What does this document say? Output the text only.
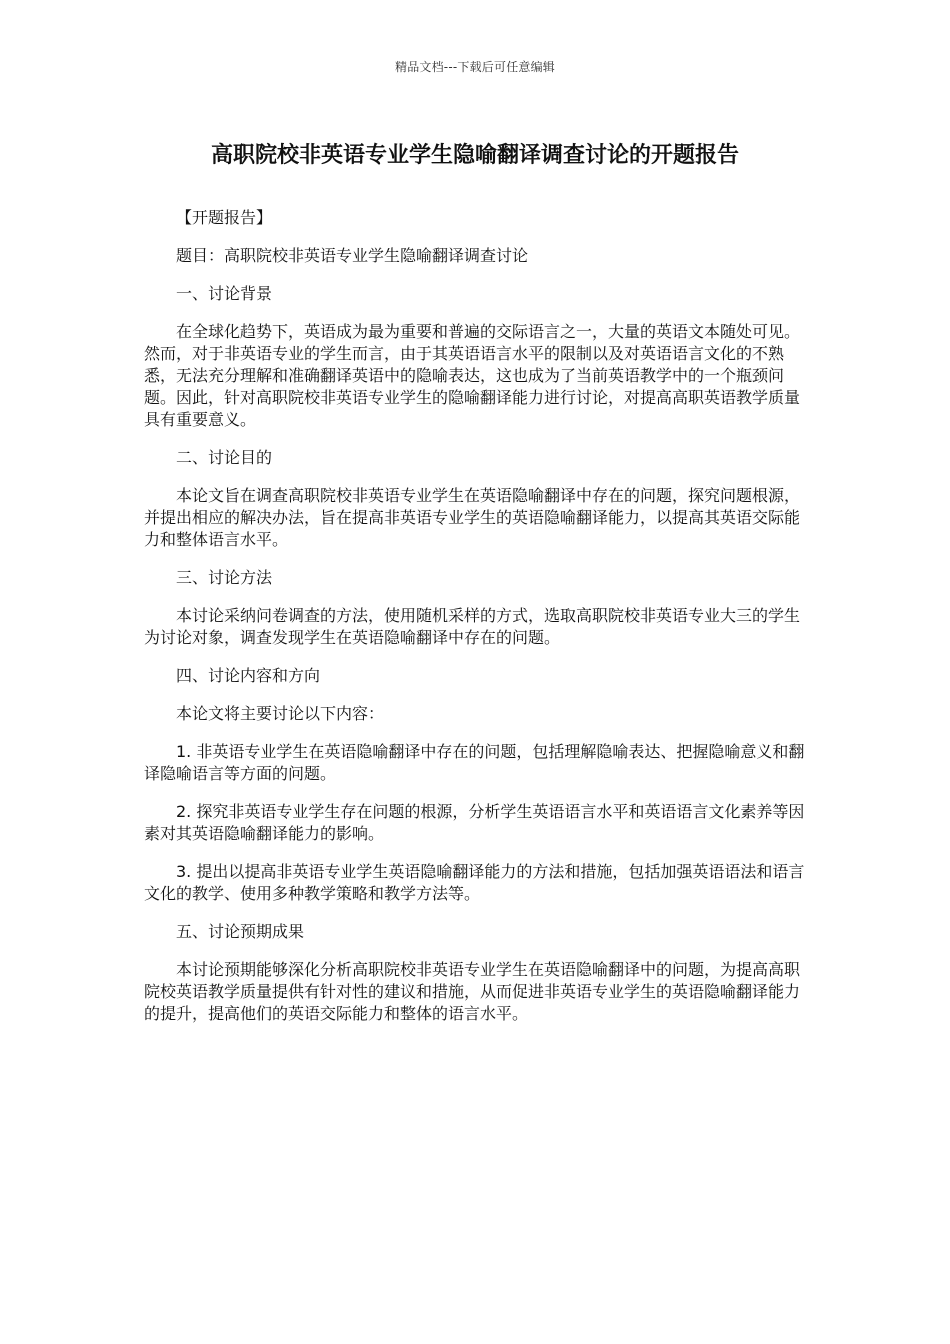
精品文档---下载后可任意编辑
高职院校非英语专业学生隐喻翻译调查讨论的开题报告

【开题报告】

题目：高职院校非英语专业学生隐喻翻译调查讨论

一、讨论背景

在全球化趋势下，英语成为最为重要和普遍的交际语言之一，大量的英语文本随处可见。然而，对于非英语专业的学生而言，由于其英语语言水平的限制以及对英语语言文化的不熟悉，无法充分理解和准确翻译英语中的隐喻表达，这也成为了当前英语教学中的一个瓶颈问题。因此，针对高职院校非英语专业学生的隐喻翻译能力进行讨论，对提高高职英语教学质量具有重要意义。

二、讨论目的

本论文旨在调查高职院校非英语专业学生在英语隐喻翻译中存在的问题，探究问题根源，并提出相应的解决办法，旨在提高非英语专业学生的英语隐喻翻译能力，以提高其英语交际能力和整体语言水平。

三、讨论方法

本讨论采纳问卷调查的方法，使用随机采样的方式，选取高职院校非英语专业大三的学生为讨论对象，调查发现学生在英语隐喻翻译中存在的问题。

四、讨论内容和方向

本论文将主要讨论以下内容：

1. 非英语专业学生在英语隐喻翻译中存在的问题，包括理解隐喻表达、把握隐喻意义和翻译隐喻语言等方面的问题。

2. 探究非英语专业学生存在问题的根源，分析学生英语语言水平和英语语言文化素养等因素对其英语隐喻翻译能力的影响。

3. 提出以提高非英语专业学生英语隐喻翻译能力的方法和措施，包括加强英语语法和语言文化的教学、使用多种教学策略和教学方法等。

五、讨论预期成果

本讨论预期能够深化分析高职院校非英语专业学生在英语隐喻翻译中的问题，为提高高职院校英语教学质量提供有针对性的建议和措施，从而促进非英语专业学生的英语隐喻翻译能力的提升，提高他们的英语交际能力和整体的语言水平。
